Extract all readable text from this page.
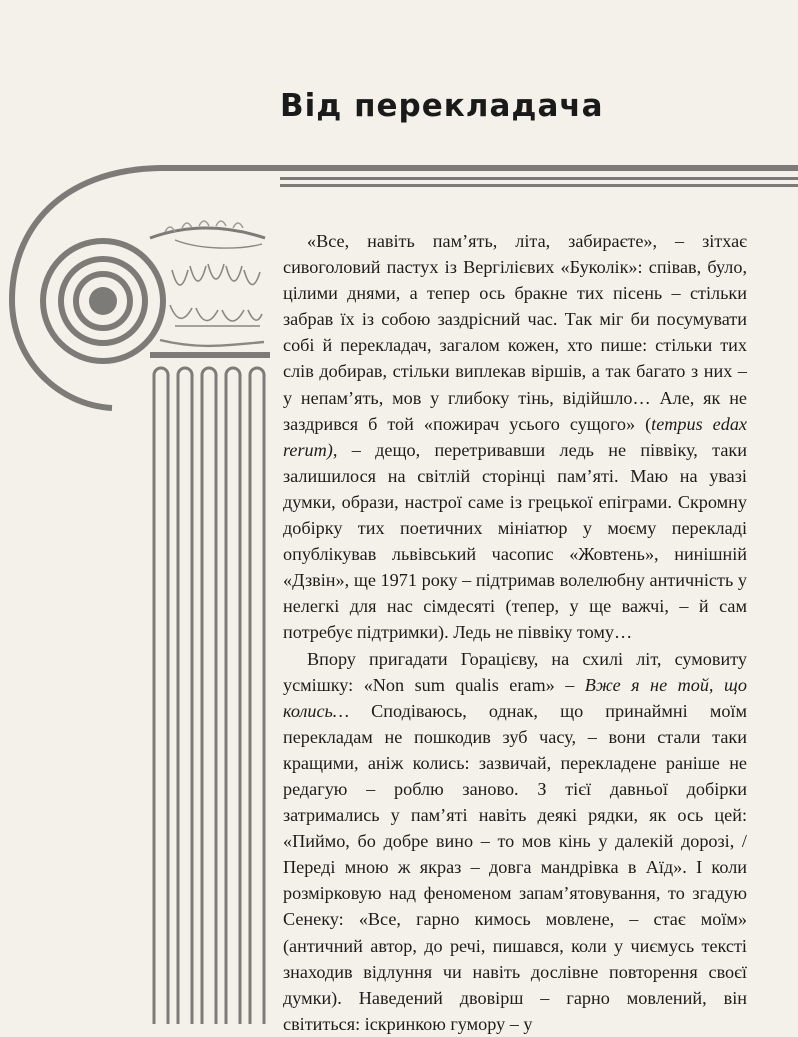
Від перекладача

«Все, навіть пам’ять, літа, забираєте», – зітхає сивоголовий пастух із Вергілієвих «Буколік»: співав, було, цілими днями, а тепер ось бракне тих пісень – стільки забрав їх із собою заздрісний час. Так міг би посумувати собі й перекладач, загалом кожен, хто пише: стільки тих слів добирав, стільки виплекав віршів, а так багато з них – у непам’ять, мов у глибоку тінь, відійшло… Але, як не заздрився б той «пожирач усього сущого» (tempus edax rerum), – дещо, перетривавши ледь не піввіку, таки залишилося на світлій сторінці пам’яті. Маю на увазі думки, образи, настрої саме із грецької епіграми. Скромну добірку тих поетичних мініатюр у моєму перекладі опублікував львівський часопис «Жовтень», нинішній «Дзвін», ще 1971 року – підтримав волелюбну античність у нелегкі для нас сімдесяті (тепер, у ще важчі, – й сам потребує підтримки). Ледь не піввіку тому…

Впору пригадати Горацієву, на схилі літ, сумовиту усмішку: «Non sum qualis eram» – Вже я не той, що колись… Сподіваюсь, однак, що принаймні моїм перекладам не пошкодив зуб часу, – вони стали таки кращими, аніж колись: зазвичай, перекладене раніше не редагую – роблю заново. З тієї давньої добірки затримались у пам’яті навіть деякі рядки, як ось цей: «Пиймо, бо добре вино – то мов кінь у далекій дорозі, / Переді мною ж якраз – довга мандрівка в Аїд». І коли розмірковую над феноменом запам’ятовування, то згадую Сенеку: «Все, гарно кимось мовлене, – стає моїм» (античний автор, до речі, пишався, коли у чиємусь тексті знаходив відлуння чи навіть дослівне повторення своєї думки). Наведений двовірш – гарно мовлений, він світиться: іскринкою гумору – у
